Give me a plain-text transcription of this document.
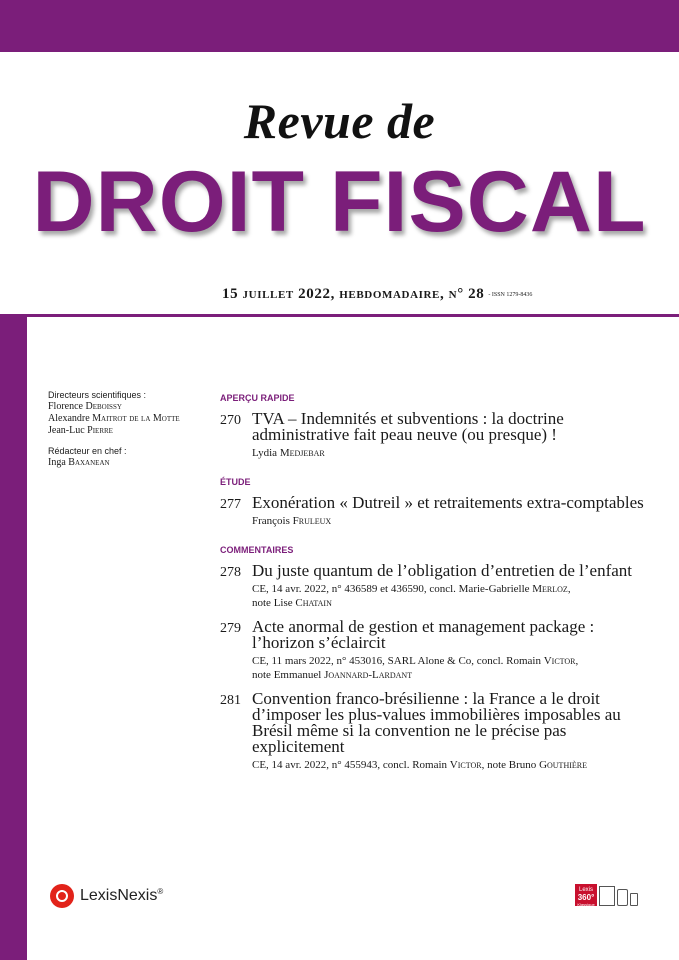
Revue de
DROIT FISCAL
15 juillet 2022, hebdomadaire, n° 28 - ISSN 1279-8436
Directeurs scientifiques :
Florence Deboissy
Alexandre Maitrot de la Motte
Jean-Luc Pierre
Rédacteur en chef :
Inga Baxanean
APERÇU RAPIDE
270 TVA – Indemnités et subventions : la doctrine administrative fait peau neuve (ou presque) !
Lydia Medjebar
ÉTUDE
277 Exonération « Dutreil » et retraitements extra-comptables
François Fruleux
COMMENTAIRES
278 Du juste quantum de l’obligation d’entretien de l’enfant
CE, 14 avr. 2022, n° 436589 et 436590, concl. Marie-Gabrielle Merloz,
note Lise Chatain
279 Acte anormal de gestion et management package : l’horizon s’éclaircit
CE, 11 mars 2022, n° 453016, SARL Alone & Co, concl. Romain Victor,
note Emmanuel Joannard-Lardant
281 Convention franco-brésilienne : la France a le droit d’imposer les plus-values immobilières imposables au Brésil même si la convention ne le précise pas explicitement
CE, 14 avr. 2022, n° 455943, concl. Romain Victor, note Bruno Gouthière
LexisNexis®	Lexis
360°
Klassique
